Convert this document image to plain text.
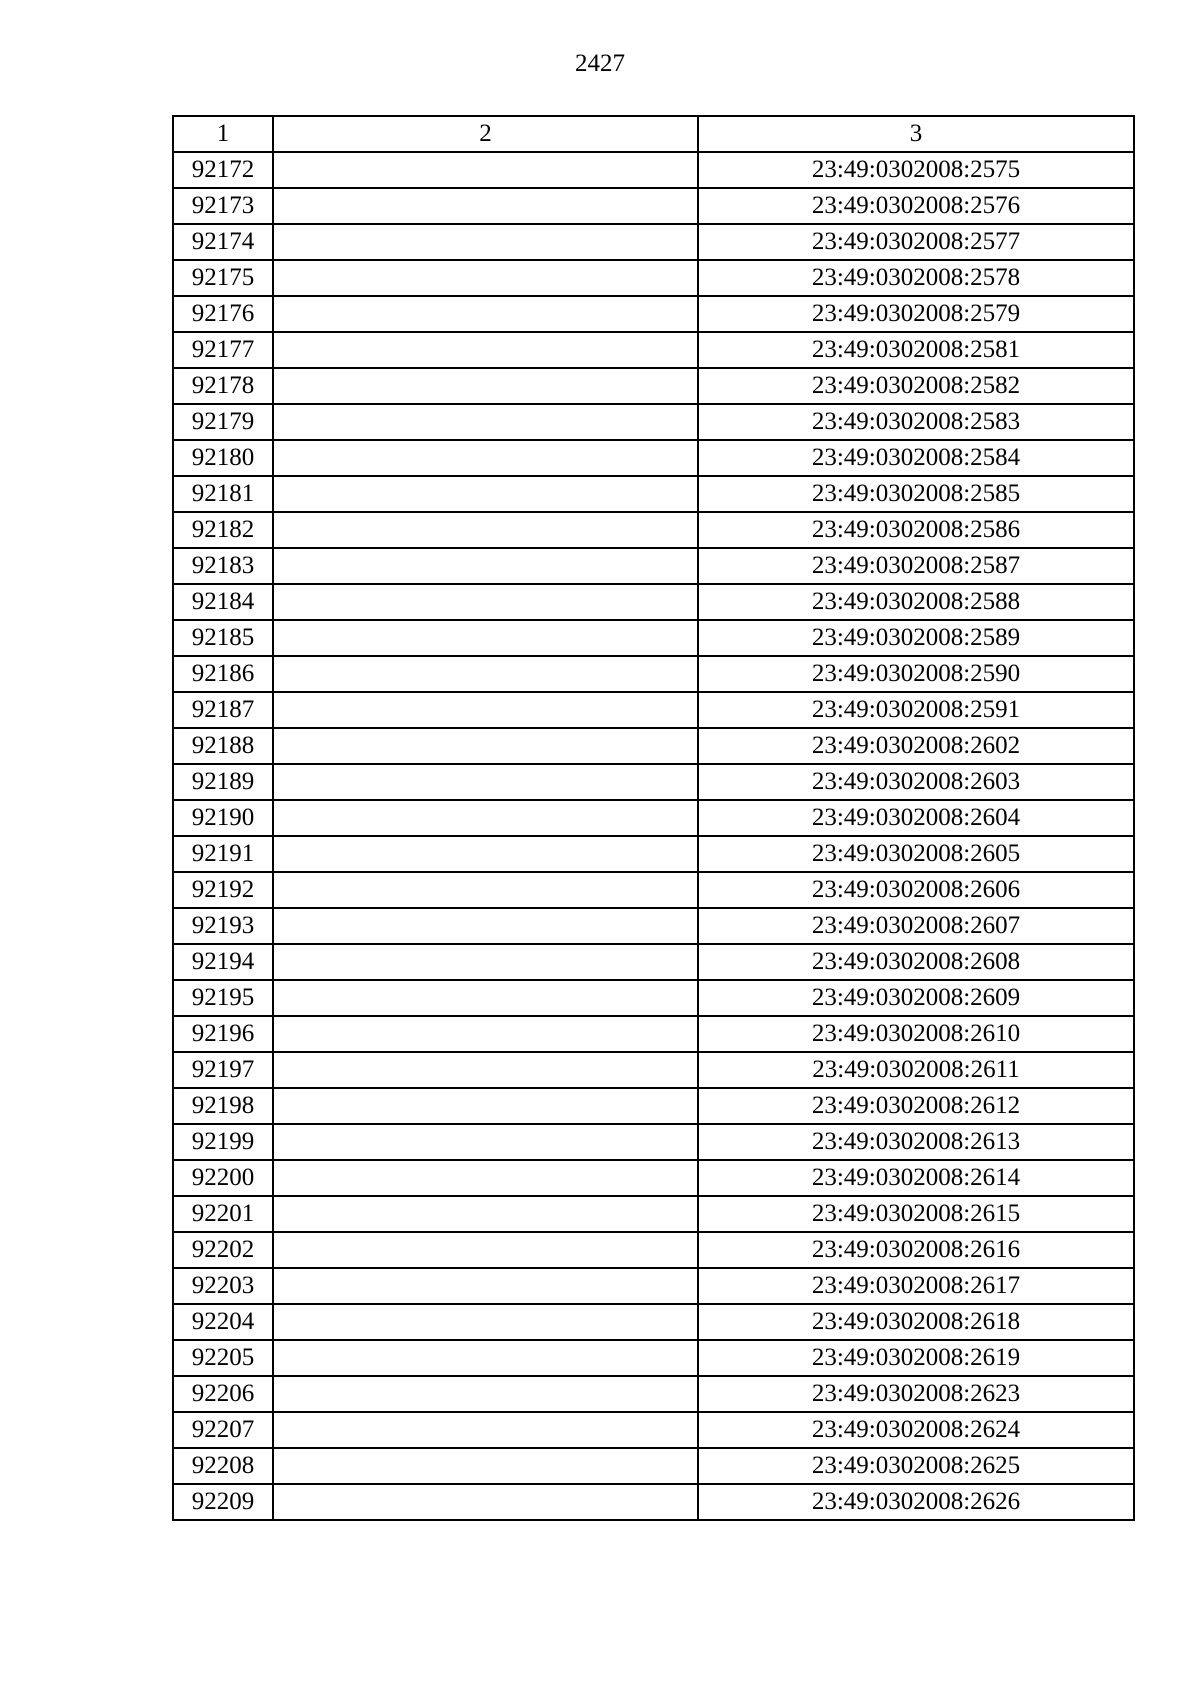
2427
1	2	3
92172		23:49:0302008:2575
92173		23:49:0302008:2576
92174		23:49:0302008:2577
92175		23:49:0302008:2578
92176		23:49:0302008:2579
92177		23:49:0302008:2581
92178		23:49:0302008:2582
92179		23:49:0302008:2583
92180		23:49:0302008:2584
92181		23:49:0302008:2585
92182		23:49:0302008:2586
92183		23:49:0302008:2587
92184		23:49:0302008:2588
92185		23:49:0302008:2589
92186		23:49:0302008:2590
92187		23:49:0302008:2591
92188		23:49:0302008:2602
92189		23:49:0302008:2603
92190		23:49:0302008:2604
92191		23:49:0302008:2605
92192		23:49:0302008:2606
92193		23:49:0302008:2607
92194		23:49:0302008:2608
92195		23:49:0302008:2609
92196		23:49:0302008:2610
92197		23:49:0302008:2611
92198		23:49:0302008:2612
92199		23:49:0302008:2613
92200		23:49:0302008:2614
92201		23:49:0302008:2615
92202		23:49:0302008:2616
92203		23:49:0302008:2617
92204		23:49:0302008:2618
92205		23:49:0302008:2619
92206		23:49:0302008:2623
92207		23:49:0302008:2624
92208		23:49:0302008:2625
92209		23:49:0302008:2626
